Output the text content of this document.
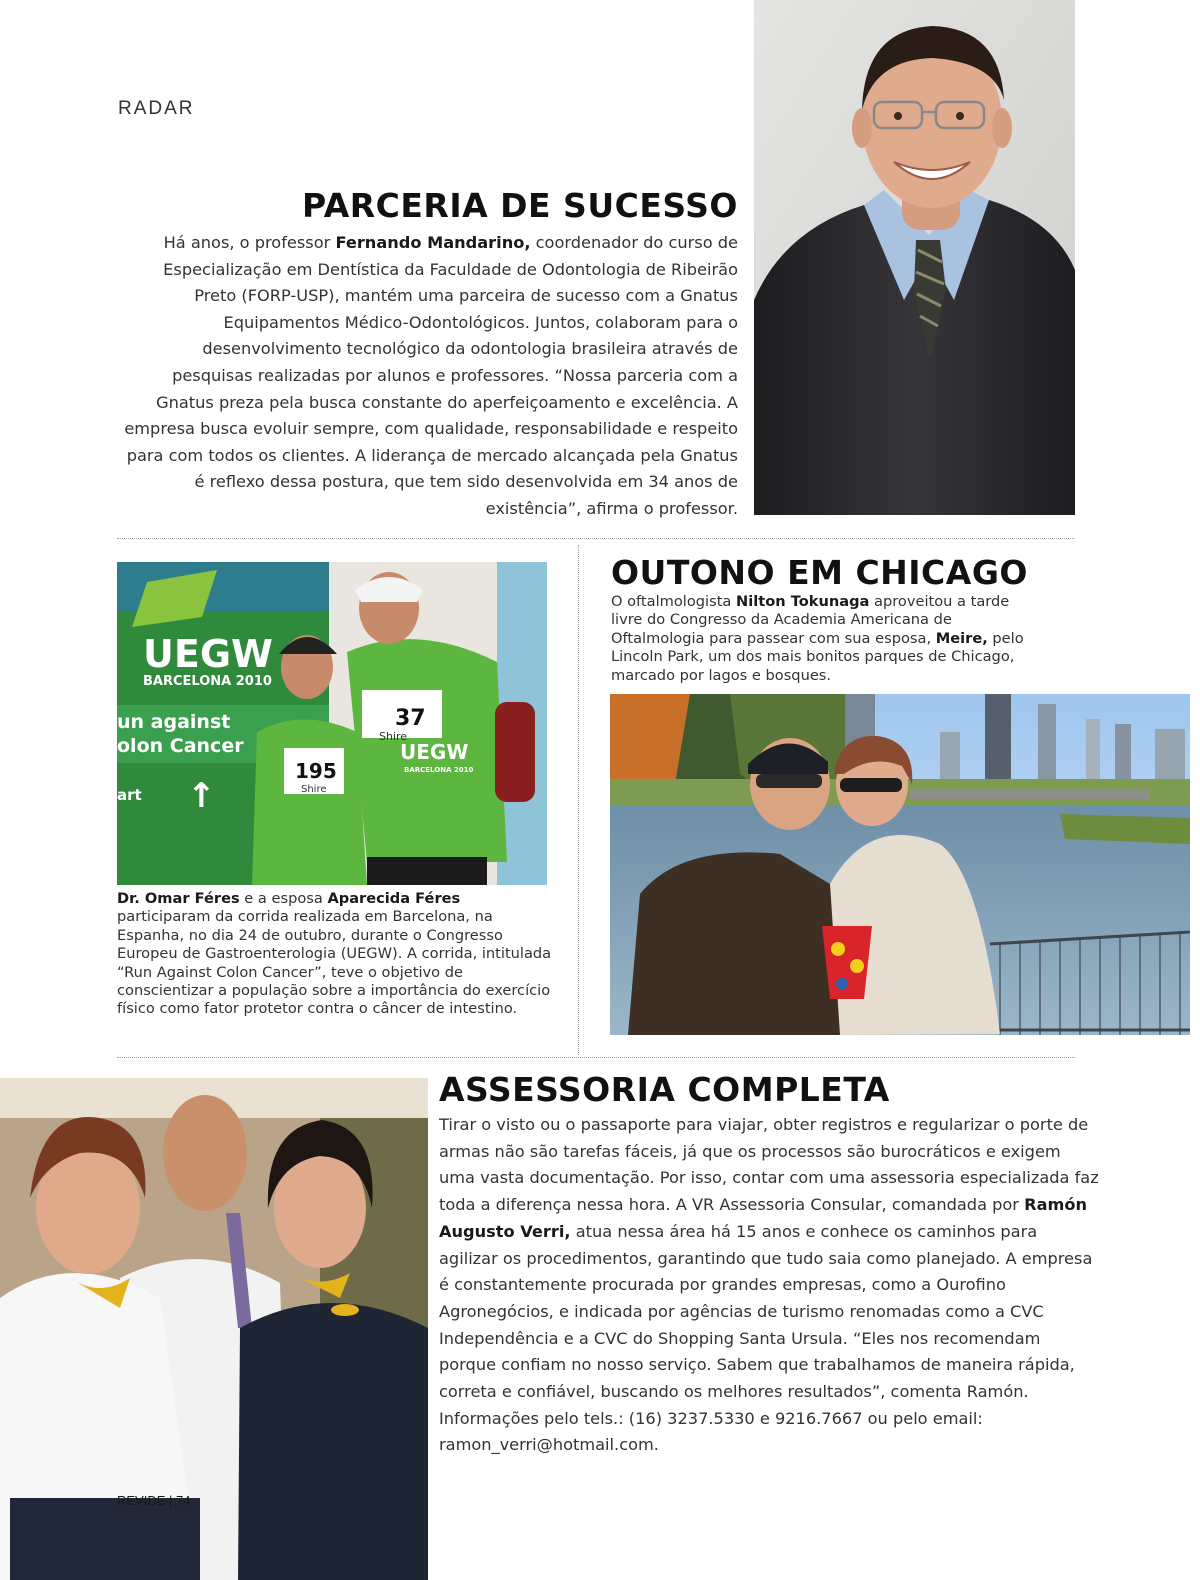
RADAR
PARCERIA DE SUCESSO

Há anos, o professor Fernando Mandarino, coordenador do curso de Especialização em Dentística da Faculdade de Odontologia de Ribeirão Preto (FORP-USP), mantém uma parceira de sucesso com a Gnatus Equipamentos Médico-Odontológicos. Juntos, colaboram para o desenvolvimento tecnológico da odontologia brasileira através de pesquisas realizadas por alunos e professores. “Nossa parceria com a Gnatus preza pela busca constante do aperfeiçoamento e excelência. A empresa busca evoluir sempre, com qualidade, responsabilidade e respeito para com todos os clientes. A liderança de mercado alcançada pela Gnatus é reflexo dessa postura, que tem sido desenvolvida em 34 anos de existência”, afirma o professor.

UEGW
BARCELONA 2010
un against
olon Cancer
art ↑
195
Shire
37
Shire
UEGW
BARCELONA 2010

Dr. Omar Féres e a esposa Aparecida Féres participaram da corrida realizada em Barcelona, na Espanha, no dia 24 de outubro, durante o Congresso Europeu de Gastroenterologia (UEGW). A corrida, intitulada “Run Against Colon Cancer”, teve o objetivo de conscientizar a população sobre a importância do exercício físico como fator protetor contra o câncer de intestino.

OUTONO EM CHICAGO

O oftalmologista Nilton Tokunaga aproveitou a tarde livre do Congresso da Academia Americana de Oftalmologia para passear com sua esposa, Meire, pelo Lincoln Park, um dos mais bonitos parques de Chicago, marcado por lagos e bosques.

REVIDE | 74
ASSESSORIA COMPLETA

Tirar o visto ou o passaporte para viajar, obter registros e regularizar o porte de armas não são tarefas fáceis, já que os processos são burocráticos e exigem uma vasta documentação. Por isso, contar com uma assessoria especializada faz toda a diferença nessa hora. A VR Assessoria Consular, comandada por Ramón Augusto Verri, atua nessa área há 15 anos e conhece os caminhos para agilizar os procedimentos, garantindo que tudo saia como planejado. A empresa é constantemente procurada por grandes empresas, como a Ourofino Agronegócios, e indicada por agências de turismo renomadas como a CVC Independência e a CVC do Shopping Santa Ursula. “Eles nos recomendam porque confiam no nosso serviço. Sabem que trabalhamos de maneira rápida, correta e confiável, buscando os melhores resultados”, comenta Ramón. Informações pelo tels.: (16) 3237.5330 e 9216.7667 ou pelo email: ramon_verri@hotmail.com.
